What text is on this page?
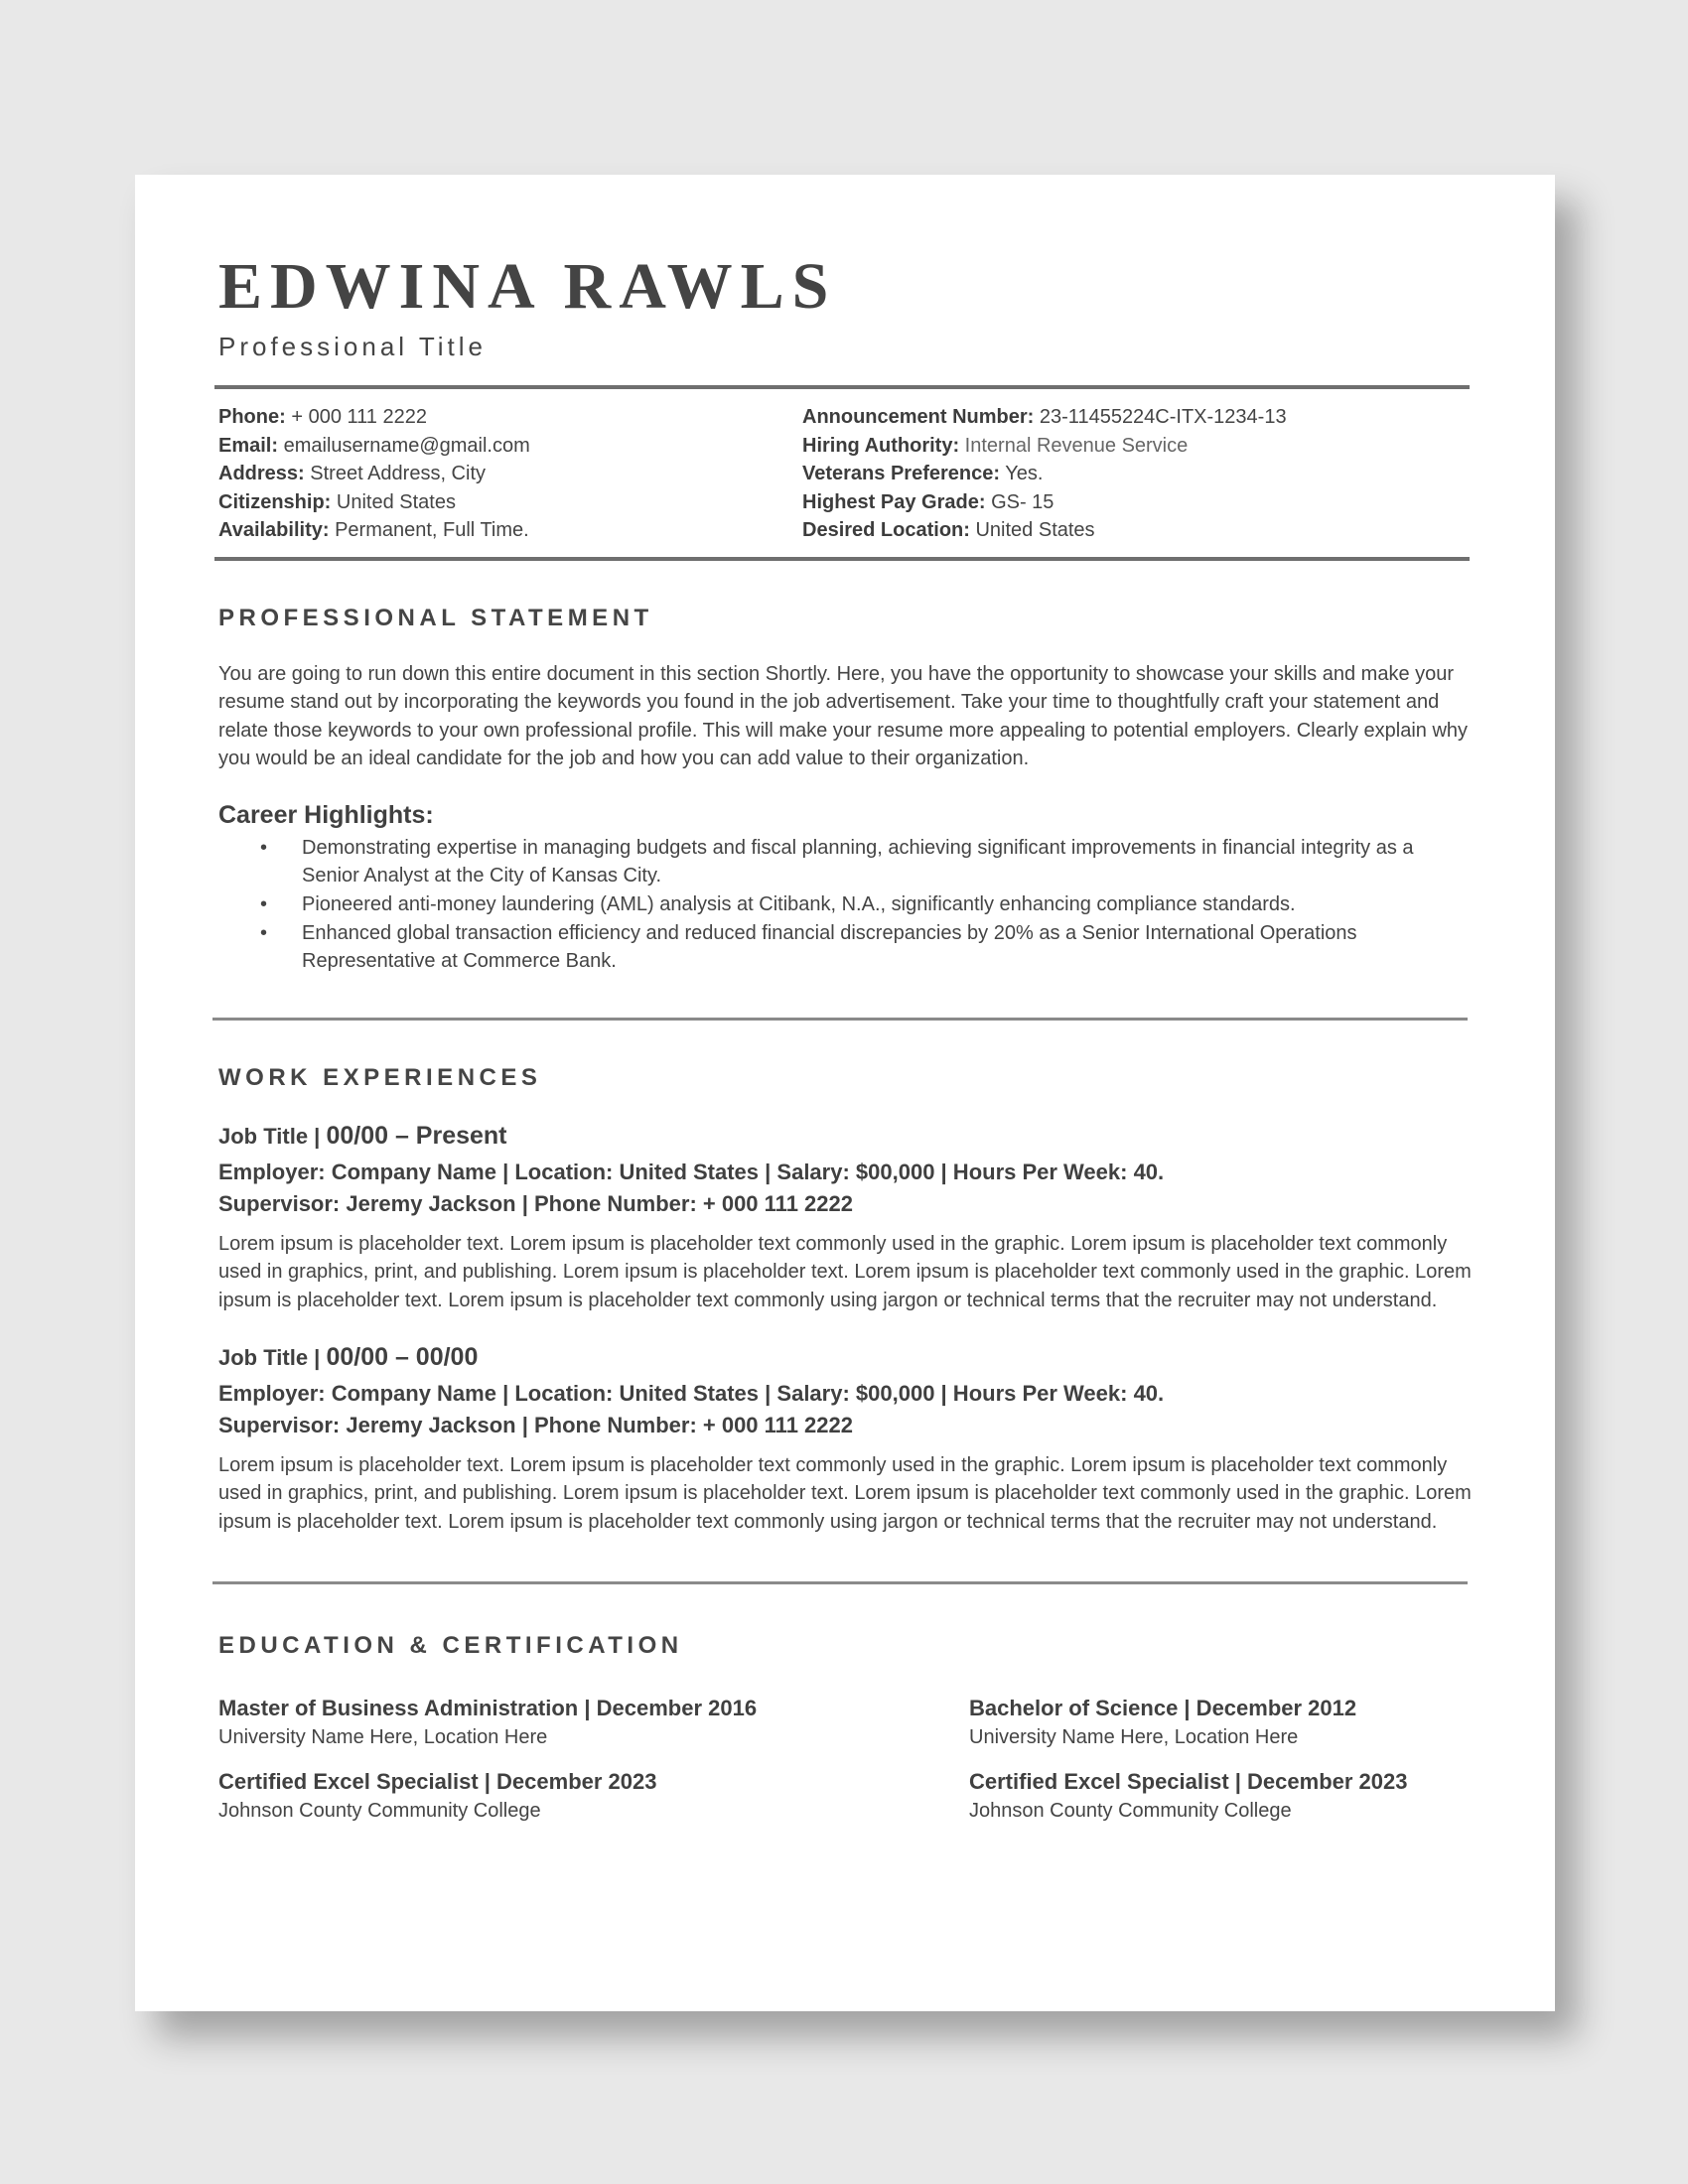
EDWINA RAWLS
Professional Title
Phone: + 000 111 2222
Email: emailusername@gmail.com
Address: Street Address, City
Citizenship: United States
Availability: Permanent, Full Time.
Announcement Number: 23-11455224C-ITX-1234-13
Hiring Authority: Internal Revenue Service
Veterans Preference: Yes.
Highest Pay Grade: GS- 15
Desired Location: United States
PROFESSIONAL STATEMENT

You are going to run down this entire document in this section Shortly. Here, you have the opportunity to showcase your skills and make your resume stand out by incorporating the keywords you found in the job advertisement. Take your time to thoughtfully craft your statement and relate those keywords to your own professional profile. This will make your resume more appealing to potential employers. Clearly explain why you would be an ideal candidate for the job and how you can add value to their organization.

Career Highlights:
• Demonstrating expertise in managing budgets and fiscal planning, achieving significant improvements in financial integrity as a Senior Analyst at the City of Kansas City.
• Pioneered anti-money laundering (AML) analysis at Citibank, N.A., significantly enhancing compliance standards.
• Enhanced global transaction efficiency and reduced financial discrepancies by 20% as a Senior International Operations Representative at Commerce Bank.
WORK EXPERIENCES
Job Title | 00/00 – Present
Employer: Company Name | Location: United States | Salary: $00,000 | Hours Per Week: 40.
Supervisor: Jeremy Jackson | Phone Number: + 000 111 2222

Lorem ipsum is placeholder text. Lorem ipsum is placeholder text commonly used in the graphic. Lorem ipsum is placeholder text commonly used in graphics, print, and publishing. Lorem ipsum is placeholder text. Lorem ipsum is placeholder text commonly used in the graphic. Lorem ipsum is placeholder text. Lorem ipsum is placeholder text commonly using jargon or technical terms that the recruiter may not understand.

Job Title | 00/00 – 00/00
Employer: Company Name | Location: United States | Salary: $00,000 | Hours Per Week: 40.
Supervisor: Jeremy Jackson | Phone Number: + 000 111 2222

Lorem ipsum is placeholder text. Lorem ipsum is placeholder text commonly used in the graphic. Lorem ipsum is placeholder text commonly used in graphics, print, and publishing. Lorem ipsum is placeholder text. Lorem ipsum is placeholder text commonly used in the graphic. Lorem ipsum is placeholder text. Lorem ipsum is placeholder text commonly using jargon or technical terms that the recruiter may not understand.

EDUCATION & CERTIFICATION
Master of Business Administration | December 2016
University Name Here, Location Here
Certified Excel Specialist | December 2023
Johnson County Community College
Bachelor of Science | December 2012
University Name Here, Location Here
Certified Excel Specialist | December 2023
Johnson County Community College
